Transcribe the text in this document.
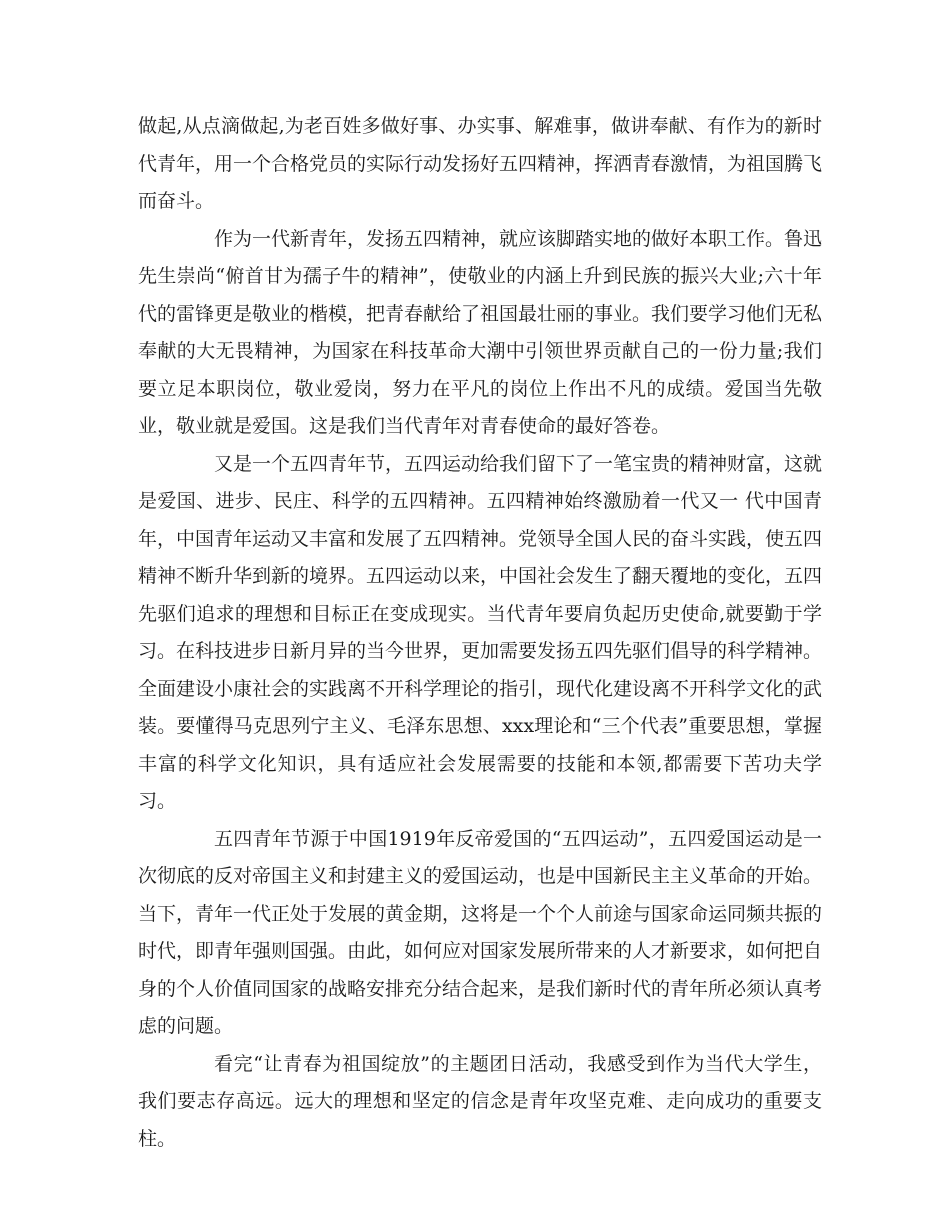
做起,从点滴做起,为老百姓多做好事、办实事、解难事，做讲奉献、有作为的新时代青年，用一个合格党员的实际行动发扬好五四精神，挥洒青春激情，为祖国腾飞而奋斗。

作为一代新青年，发扬五四精神，就应该脚踏实地的做好本职工作。鲁迅先生崇尚“俯首甘为孺子牛的精神”，使敬业的内涵上升到民族的振兴大业;六十年代的雷锋更是敬业的楷模，把青春献给了祖国最壮丽的事业。我们要学习他们无私奉献的大无畏精神，为国家在科技革命大潮中引领世界贡献自己的一份力量;我们要立足本职岗位，敬业爱岗，努力在平凡的岗位上作出不凡的成绩。爱国当先敬业，敬业就是爱国。这是我们当代青年对青春使命的最好答卷。

又是一个五四青年节，五四运动给我们留下了一笔宝贵的精神财富，这就是爱国、进步、民庄、科学的五四精神。五四精神始终激励着一代又一 代中国青年，中国青年运动又丰富和发展了五四精神。党领导全国人民的奋斗实践，使五四精神不断升华到新的境界。五四运动以来，中国社会发生了翻天覆地的变化，五四先驱们追求的理想和目标正在变成现实。当代青年要肩负起历史使命,就要勤于学习。在科技进步日新月异的当今世界，更加需要发扬五四先驱们倡导的科学精神。全面建设小康社会的实践离不开科学理论的指引，现代化建设离不开科学文化的武装。要懂得马克思列宁主义、毛泽东思想、xxx理论和“三个代表”重要思想，掌握丰富的科学文化知识，具有适应社会发展需要的技能和本领,都需要下苦功夫学习。

五四青年节源于中国1919年反帝爱国的“五四运动”，五四爱国运动是一次彻底的反对帝国主义和封建主义的爱国运动，也是中国新民主主义革命的开始。当下，青年一代正处于发展的黄金期，这将是一个个人前途与国家命运同频共振的时代，即青年强则国强。由此，如何应对国家发展所带来的人才新要求，如何把自身的个人价值同国家的战略安排充分结合起来，是我们新时代的青年所必须认真考虑的问题。

看完“让青春为祖国绽放”的主题团日活动，我感受到作为当代大学生，我们要志存高远。远大的理想和坚定的信念是青年攻坚克难、走向成功的重要支柱。
